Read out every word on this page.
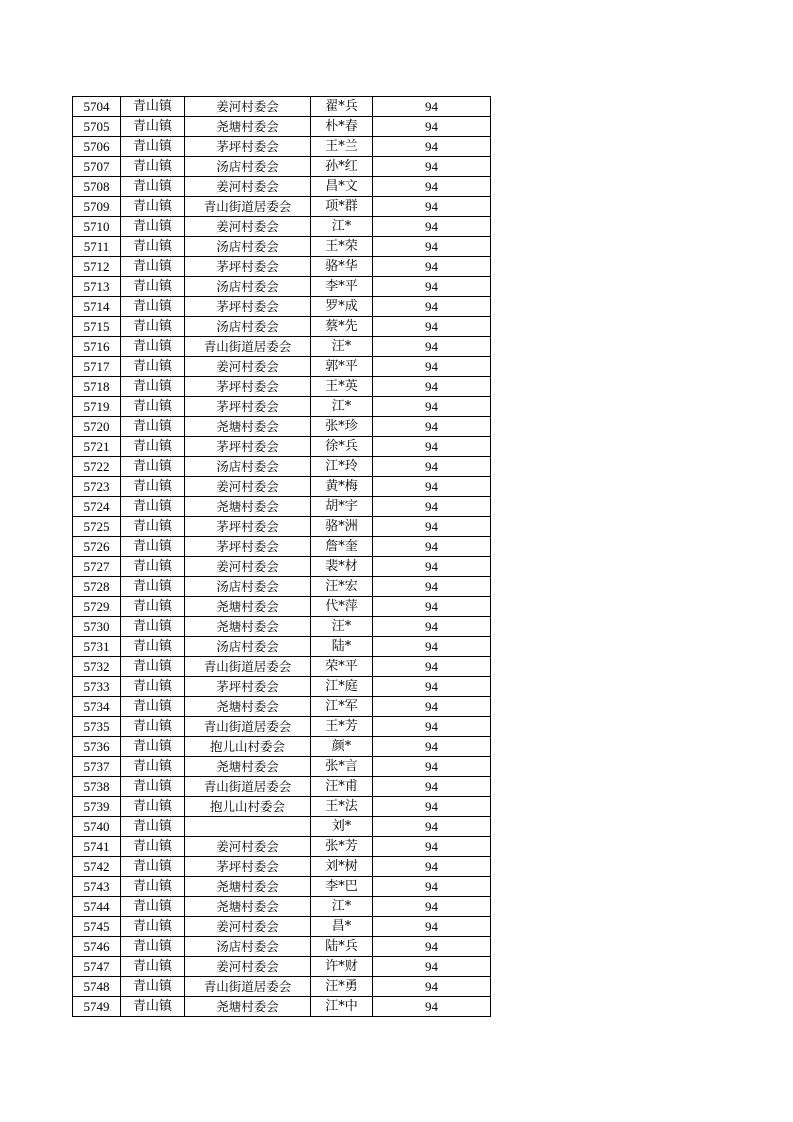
5704	青山镇	姜河村委会	翟*兵	94
5705	青山镇	尧塘村委会	朴*春	94
5706	青山镇	茅坪村委会	王*兰	94
5707	青山镇	汤店村委会	孙*红	94
5708	青山镇	姜河村委会	昌*文	94
5709	青山镇	青山街道居委会	项*群	94
5710	青山镇	姜河村委会	江*	94
5711	青山镇	汤店村委会	王*荣	94
5712	青山镇	茅坪村委会	骆*华	94
5713	青山镇	汤店村委会	李*平	94
5714	青山镇	茅坪村委会	罗*成	94
5715	青山镇	汤店村委会	蔡*先	94
5716	青山镇	青山街道居委会	汪*	94
5717	青山镇	姜河村委会	郭*平	94
5718	青山镇	茅坪村委会	王*英	94
5719	青山镇	茅坪村委会	江*	94
5720	青山镇	尧塘村委会	张*珍	94
5721	青山镇	茅坪村委会	徐*兵	94
5722	青山镇	汤店村委会	江*玲	94
5723	青山镇	姜河村委会	黄*梅	94
5724	青山镇	尧塘村委会	胡*宇	94
5725	青山镇	茅坪村委会	骆*洲	94
5726	青山镇	茅坪村委会	詹*奎	94
5727	青山镇	姜河村委会	裴*材	94
5728	青山镇	汤店村委会	汪*宏	94
5729	青山镇	尧塘村委会	代*萍	94
5730	青山镇	尧塘村委会	汪*	94
5731	青山镇	汤店村委会	陆*	94
5732	青山镇	青山街道居委会	荣*平	94
5733	青山镇	茅坪村委会	江*庭	94
5734	青山镇	尧塘村委会	江*军	94
5735	青山镇	青山街道居委会	王*芳	94
5736	青山镇	抱儿山村委会	颜*	94
5737	青山镇	尧塘村委会	张*言	94
5738	青山镇	青山街道居委会	汪*甫	94
5739	青山镇	抱儿山村委会	王*法	94
5740	青山镇		刘*	94
5741	青山镇	姜河村委会	张*芳	94
5742	青山镇	茅坪村委会	刘*树	94
5743	青山镇	尧塘村委会	李*巴	94
5744	青山镇	尧塘村委会	江*	94
5745	青山镇	姜河村委会	昌*	94
5746	青山镇	汤店村委会	陆*兵	94
5747	青山镇	姜河村委会	许*财	94
5748	青山镇	青山街道居委会	汪*勇	94
5749	青山镇	尧塘村委会	江*中	94
